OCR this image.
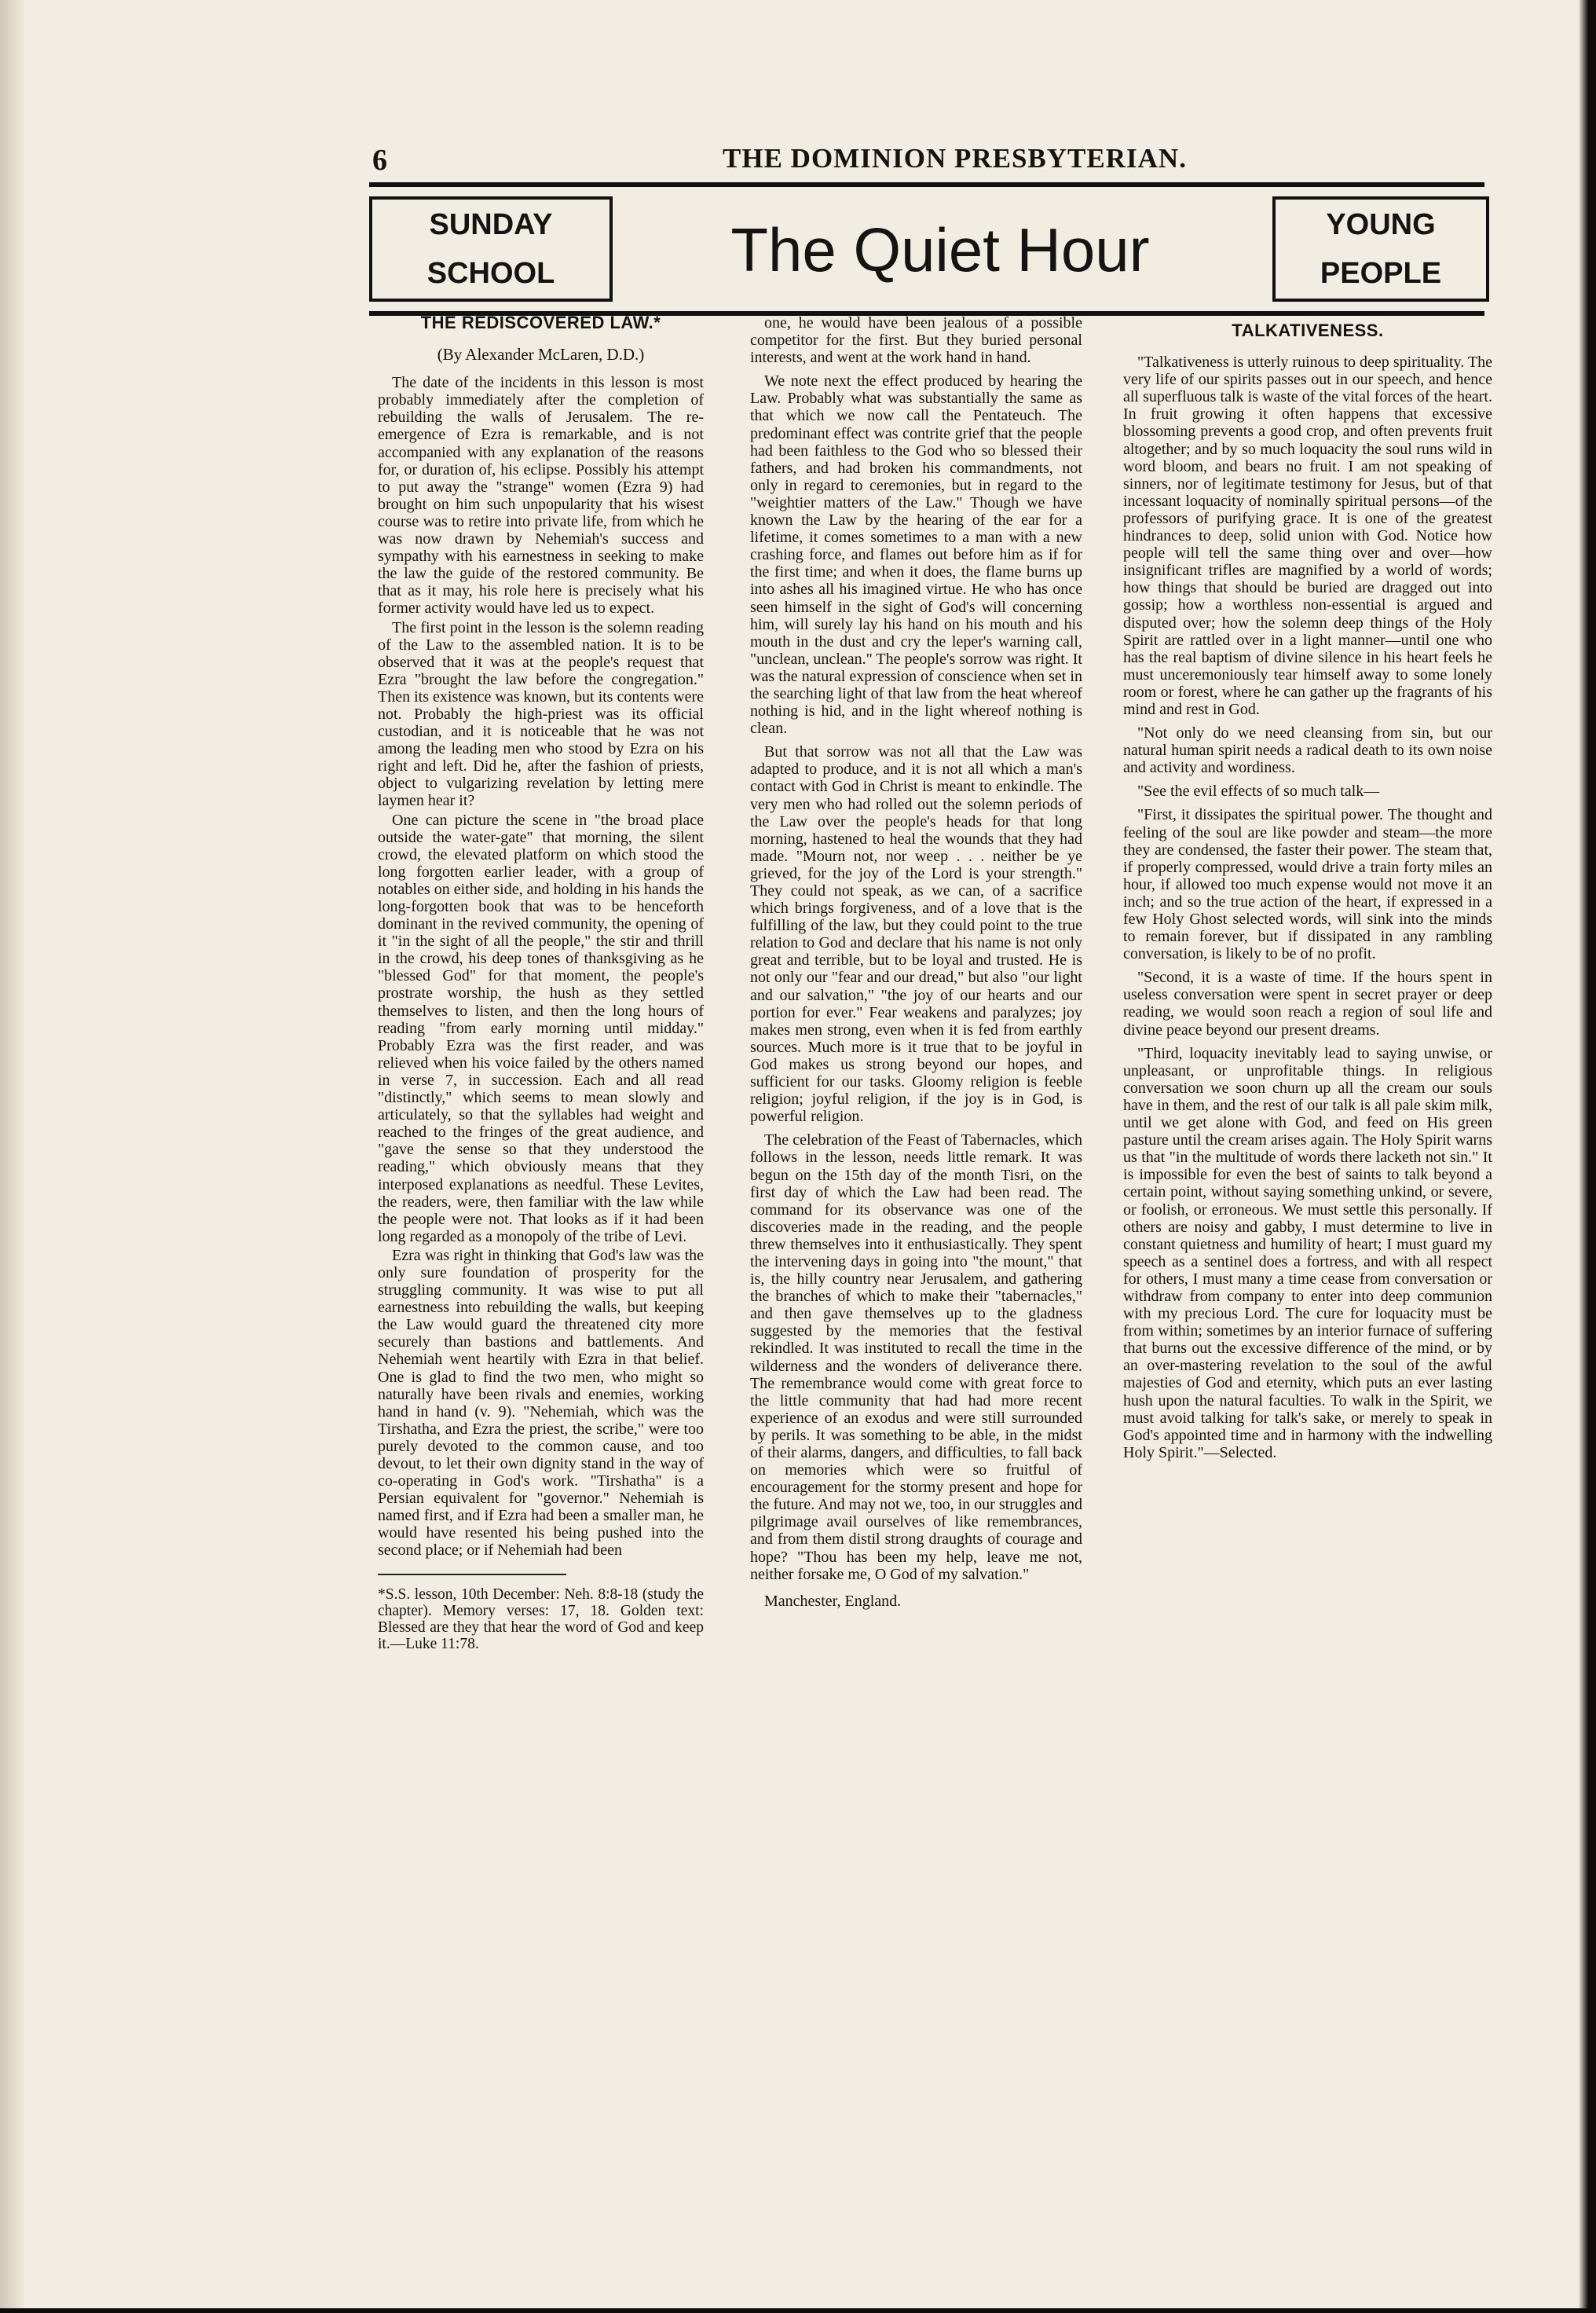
6	THE DOMINION PRESBYTERIAN.
SUNDAY
SCHOOL	The Quiet Hour	YOUNG
PEOPLE
THE REDISCOVERED LAW.*
(By Alexander McLaren, D.D.)

The date of the incidents in this lesson is most probably immediately after the completion of rebuilding the walls of Jerusalem. The re-emergence of Ezra is remarkable, and is not accompanied with any explanation of the reasons for, or duration of, his eclipse. Possibly his attempt to put away the "strange" women (Ezra 9) had brought on him such unpopularity that his wisest course was to retire into private life, from which he was now drawn by Nehemiah's success and sympathy with his earnestness in seeking to make the law the guide of the restored community. Be that as it may, his role here is precisely what his former activity would have led us to expect.

The first point in the lesson is the solemn reading of the Law to the assembled nation. It is to be observed that it was at the people's request that Ezra "brought the law before the congregation." Then its existence was known, but its contents were not. Probably the high-priest was its official custodian, and it is noticeable that he was not among the leading men who stood by Ezra on his right and left. Did he, after the fashion of priests, object to vulgarizing revelation by letting mere laymen hear it?

One can picture the scene in "the broad place outside the water-gate" that morning, the silent crowd, the elevated platform on which stood the long forgotten earlier leader, with a group of notables on either side, and holding in his hands the long-forgotten book that was to be henceforth dominant in the revived community, the opening of it "in the sight of all the people," the stir and thrill in the crowd, his deep tones of thanksgiving as he "blessed God" for that moment, the people's prostrate worship, the hush as they settled themselves to listen, and then the long hours of reading "from early morning until midday." Probably Ezra was the first reader, and was relieved when his voice failed by the others named in verse 7, in succession. Each and all read "distinctly," which seems to mean slowly and articulately, so that the syllables had weight and reached to the fringes of the great audience, and "gave the sense so that they understood the reading," which obviously means that they interposed explanations as needful. These Levites, the readers, were, then familiar with the law while the people were not. That looks as if it had been long regarded as a monopoly of the tribe of Levi.

Ezra was right in thinking that God's law was the only sure foundation of prosperity for the struggling community. It was wise to put all earnestness into rebuilding the walls, but keeping the Law would guard the threatened city more securely than bastions and battlements. And Nehemiah went heartily with Ezra in that belief. One is glad to find the two men, who might so naturally have been rivals and enemies, working hand in hand (v. 9). "Nehemiah, which was the Tirshatha, and Ezra the priest, the scribe," were too purely devoted to the common cause, and too devout, to let their own dignity stand in the way of co-operating in God's work. "Tirshatha" is a Persian equivalent for "governor." Nehemiah is named first, and if Ezra had been a smaller man, he would have resented his being pushed into the second place; or if Nehemiah had been

*S.S. lesson, 10th December: Neh. 8:8-18 (study the chapter). Memory verses: 17, 18. Golden text: Blessed are they that hear the word of God and keep it.—Luke 11:78.

one, he would have been jealous of a possible competitor for the first. But they buried personal interests, and went at the work hand in hand.

We note next the effect produced by hearing the Law. Probably what was substantially the same as that which we now call the Pentateuch. The predominant effect was contrite grief that the people had been faithless to the God who so blessed their fathers, and had broken his commandments, not only in regard to ceremonies, but in regard to the "weightier matters of the Law." Though we have known the Law by the hearing of the ear for a lifetime, it comes sometimes to a man with a new crashing force, and flames out before him as if for the first time; and when it does, the flame burns up into ashes all his imagined virtue. He who has once seen himself in the sight of God's will concerning him, will surely lay his hand on his mouth and his mouth in the dust and cry the leper's warning call, "unclean, unclean." The people's sorrow was right. It was the natural expression of conscience when set in the searching light of that law from the heat whereof nothing is hid, and in the light whereof nothing is clean.

But that sorrow was not all that the Law was adapted to produce, and it is not all which a man's contact with God in Christ is meant to enkindle. The very men who had rolled out the solemn periods of the Law over the people's heads for that long morning, hastened to heal the wounds that they had made. "Mourn not, nor weep . . . neither be ye grieved, for the joy of the Lord is your strength." They could not speak, as we can, of a sacrifice which brings forgiveness, and of a love that is the fulfilling of the law, but they could point to the true relation to God and declare that his name is not only great and terrible, but to be loyal and trusted. He is not only our "fear and our dread," but also "our light and our salvation," "the joy of our hearts and our portion for ever." Fear weakens and paralyzes; joy makes men strong, even when it is fed from earthly sources. Much more is it true that to be joyful in God makes us strong beyond our hopes, and sufficient for our tasks. Gloomy religion is feeble religion; joyful religion, if the joy is in God, is powerful religion.

The celebration of the Feast of Tabernacles, which follows in the lesson, needs little remark. It was begun on the 15th day of the month Tisri, on the first day of which the Law had been read. The command for its observance was one of the discoveries made in the reading, and the people threw themselves into it enthusiastically. They spent the intervening days in going into "the mount," that is, the hilly country near Jerusalem, and gathering the branches of which to make their "tabernacles," and then gave themselves up to the gladness suggested by the memories that the festival rekindled. It was instituted to recall the time in the wilderness and the wonders of deliverance there. The remembrance would come with great force to the little community that had had more recent experience of an exodus and were still surrounded by perils. It was something to be able, in the midst of their alarms, dangers, and difficulties, to fall back on memories which were so fruitful of encouragement for the stormy present and hope for the future. And may not we, too, in our struggles and pilgrimage avail ourselves of like remembrances, and from them distil strong draughts of courage and hope? "Thou has been my help, leave me not, neither forsake me, O God of my salvation."

Manchester, England.

TALKATIVENESS.

"Talkativeness is utterly ruinous to deep spirituality. The very life of our spirits passes out in our speech, and hence all superfluous talk is waste of the vital forces of the heart. In fruit growing it often happens that excessive blossoming prevents a good crop, and often prevents fruit altogether; and by so much loquacity the soul runs wild in word bloom, and bears no fruit. I am not speaking of sinners, nor of legitimate testimony for Jesus, but of that incessant loquacity of nominally spiritual persons—of the professors of purifying grace. It is one of the greatest hindrances to deep, solid union with God. Notice how people will tell the same thing over and over—how insignificant trifles are magnified by a world of words; how things that should be buried are dragged out into gossip; how a worthless non-essential is argued and disputed over; how the solemn deep things of the Holy Spirit are rattled over in a light manner—until one who has the real baptism of divine silence in his heart feels he must unceremoniously tear himself away to some lonely room or forest, where he can gather up the fragrants of his mind and rest in God.

"Not only do we need cleansing from sin, but our natural human spirit needs a radical death to its own noise and activity and wordiness.

"See the evil effects of so much talk—

"First, it dissipates the spiritual power. The thought and feeling of the soul are like powder and steam—the more they are condensed, the faster their power. The steam that, if properly compressed, would drive a train forty miles an hour, if allowed too much expense would not move it an inch; and so the true action of the heart, if expressed in a few Holy Ghost selected words, will sink into the minds to remain forever, but if dissipated in any rambling conversation, is likely to be of no profit.

"Second, it is a waste of time. If the hours spent in useless conversation were spent in secret prayer or deep reading, we would soon reach a region of soul life and divine peace beyond our present dreams.

"Third, loquacity inevitably lead to saying unwise, or unpleasant, or unprofitable things. In religious conversation we soon churn up all the cream our souls have in them, and the rest of our talk is all pale skim milk, until we get alone with God, and feed on His green pasture until the cream arises again. The Holy Spirit warns us that "in the multitude of words there lacketh not sin." It is impossible for even the best of saints to talk beyond a certain point, without saying something unkind, or severe, or foolish, or erroneous. We must settle this personally. If others are noisy and gabby, I must determine to live in constant quietness and humility of heart; I must guard my speech as a sentinel does a fortress, and with all respect for others, I must many a time cease from conversation or withdraw from company to enter into deep communion with my precious Lord. The cure for loquacity must be from within; sometimes by an interior furnace of suffering that burns out the excessive difference of the mind, or by an over-mastering revelation to the soul of the awful majesties of God and eternity, which puts an ever lasting hush upon the natural faculties. To walk in the Spirit, we must avoid talking for talk's sake, or merely to speak in God's appointed time and in harmony with the indwelling Holy Spirit."—Selected.
